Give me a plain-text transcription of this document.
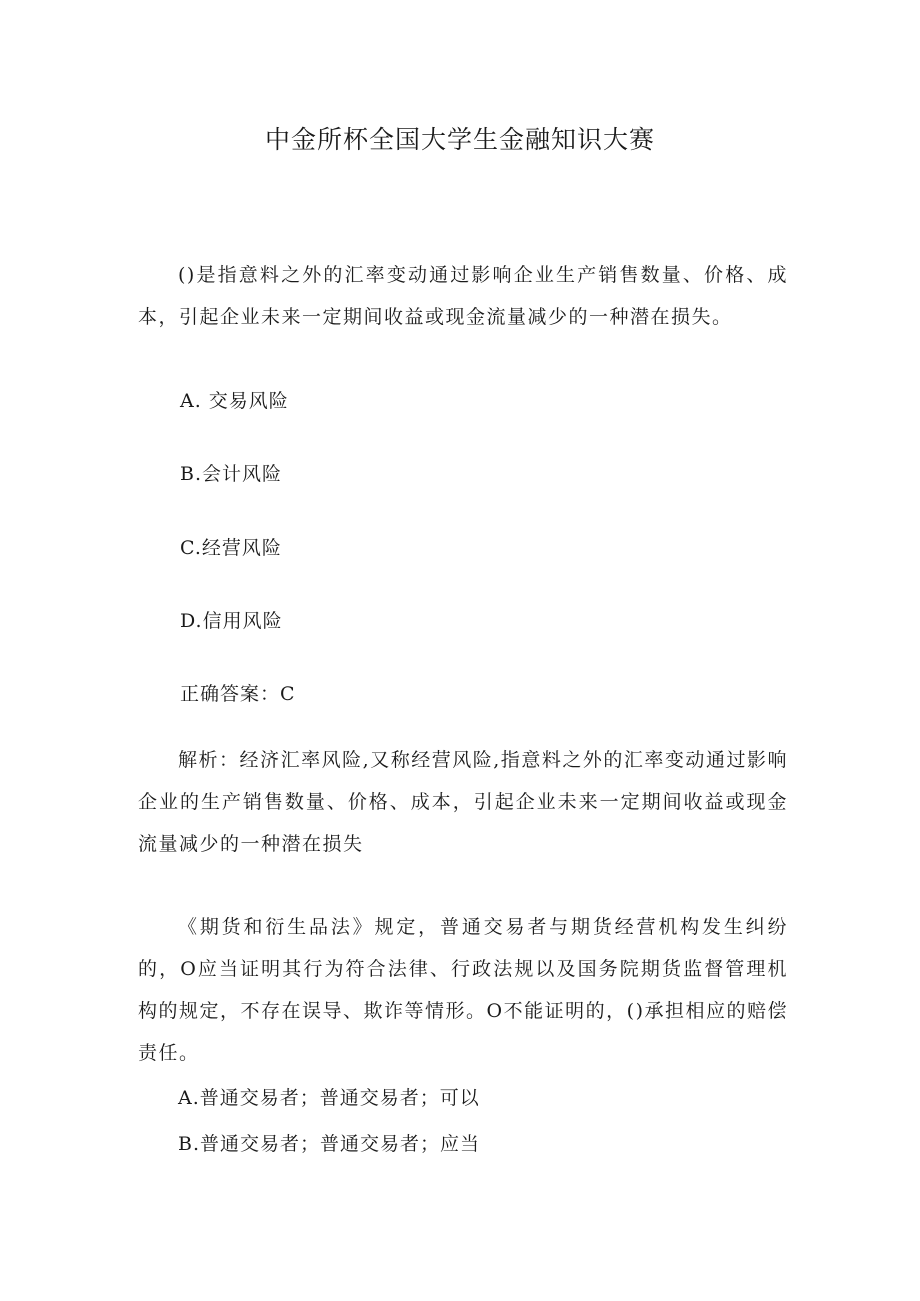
中金所杯全国大学生金融知识大赛

()是指意料之外的汇率变动通过影响企业生产销售数量、价格、成本，引起企业未来一定期间收益或现金流量减少的一种潜在损失。

A. 交易风险

B.会计风险

C.经营风险

D.信用风险

正确答案：C

解析：经济汇率风险,又称经营风险,指意料之外的汇率变动通过影响企业的生产销售数量、价格、成本，引起企业未来一定期间收益或现金流量减少的一种潜在损失

《期货和衍生品法》规定，普通交易者与期货经营机构发生纠纷的，O应当证明其行为符合法律、行政法规以及国务院期货监督管理机构的规定，不存在误导、欺诈等情形。O不能证明的，()承担相应的赔偿责任。

A.普通交易者；普通交易者；可以

B.普通交易者；普通交易者；应当
